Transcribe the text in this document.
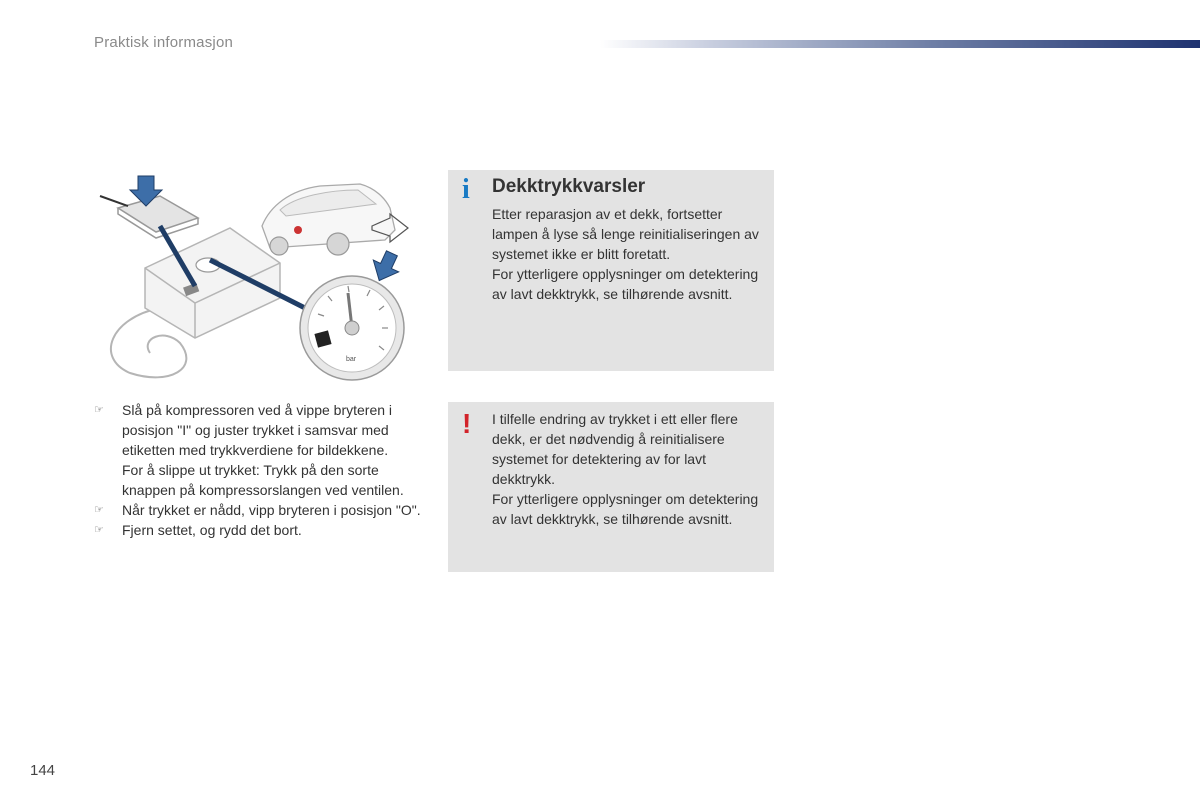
Praktisk informasjon
bar
☞ Slå på kompressoren ved å vippe bryteren i posisjon "I" og juster trykket i samsvar med etiketten med trykkverdiene for bildekkene.

For å slippe ut trykket: Trykk på den sorte knappen på kompressorslangen ved ventilen.

☞ Når trykket er nådd, vipp bryteren i posisjon "O".

☞ Fjern settet, og rydd det bort.

i Dekktrykkvarsler

Etter reparasjon av et dekk, fortsetter lampen å lyse så lenge reinitialiseringen av systemet ikke er blitt foretatt.

For ytterligere opplysninger om detektering av lavt dekktrykk, se tilhørende avsnitt.

! I tilfelle endring av trykket i ett eller flere dekk, er det nødvendig å reinitialisere systemet for detektering av for lavt dekktrykk.

For ytterligere opplysninger om detektering av lavt dekktrykk, se tilhørende avsnitt.

144
